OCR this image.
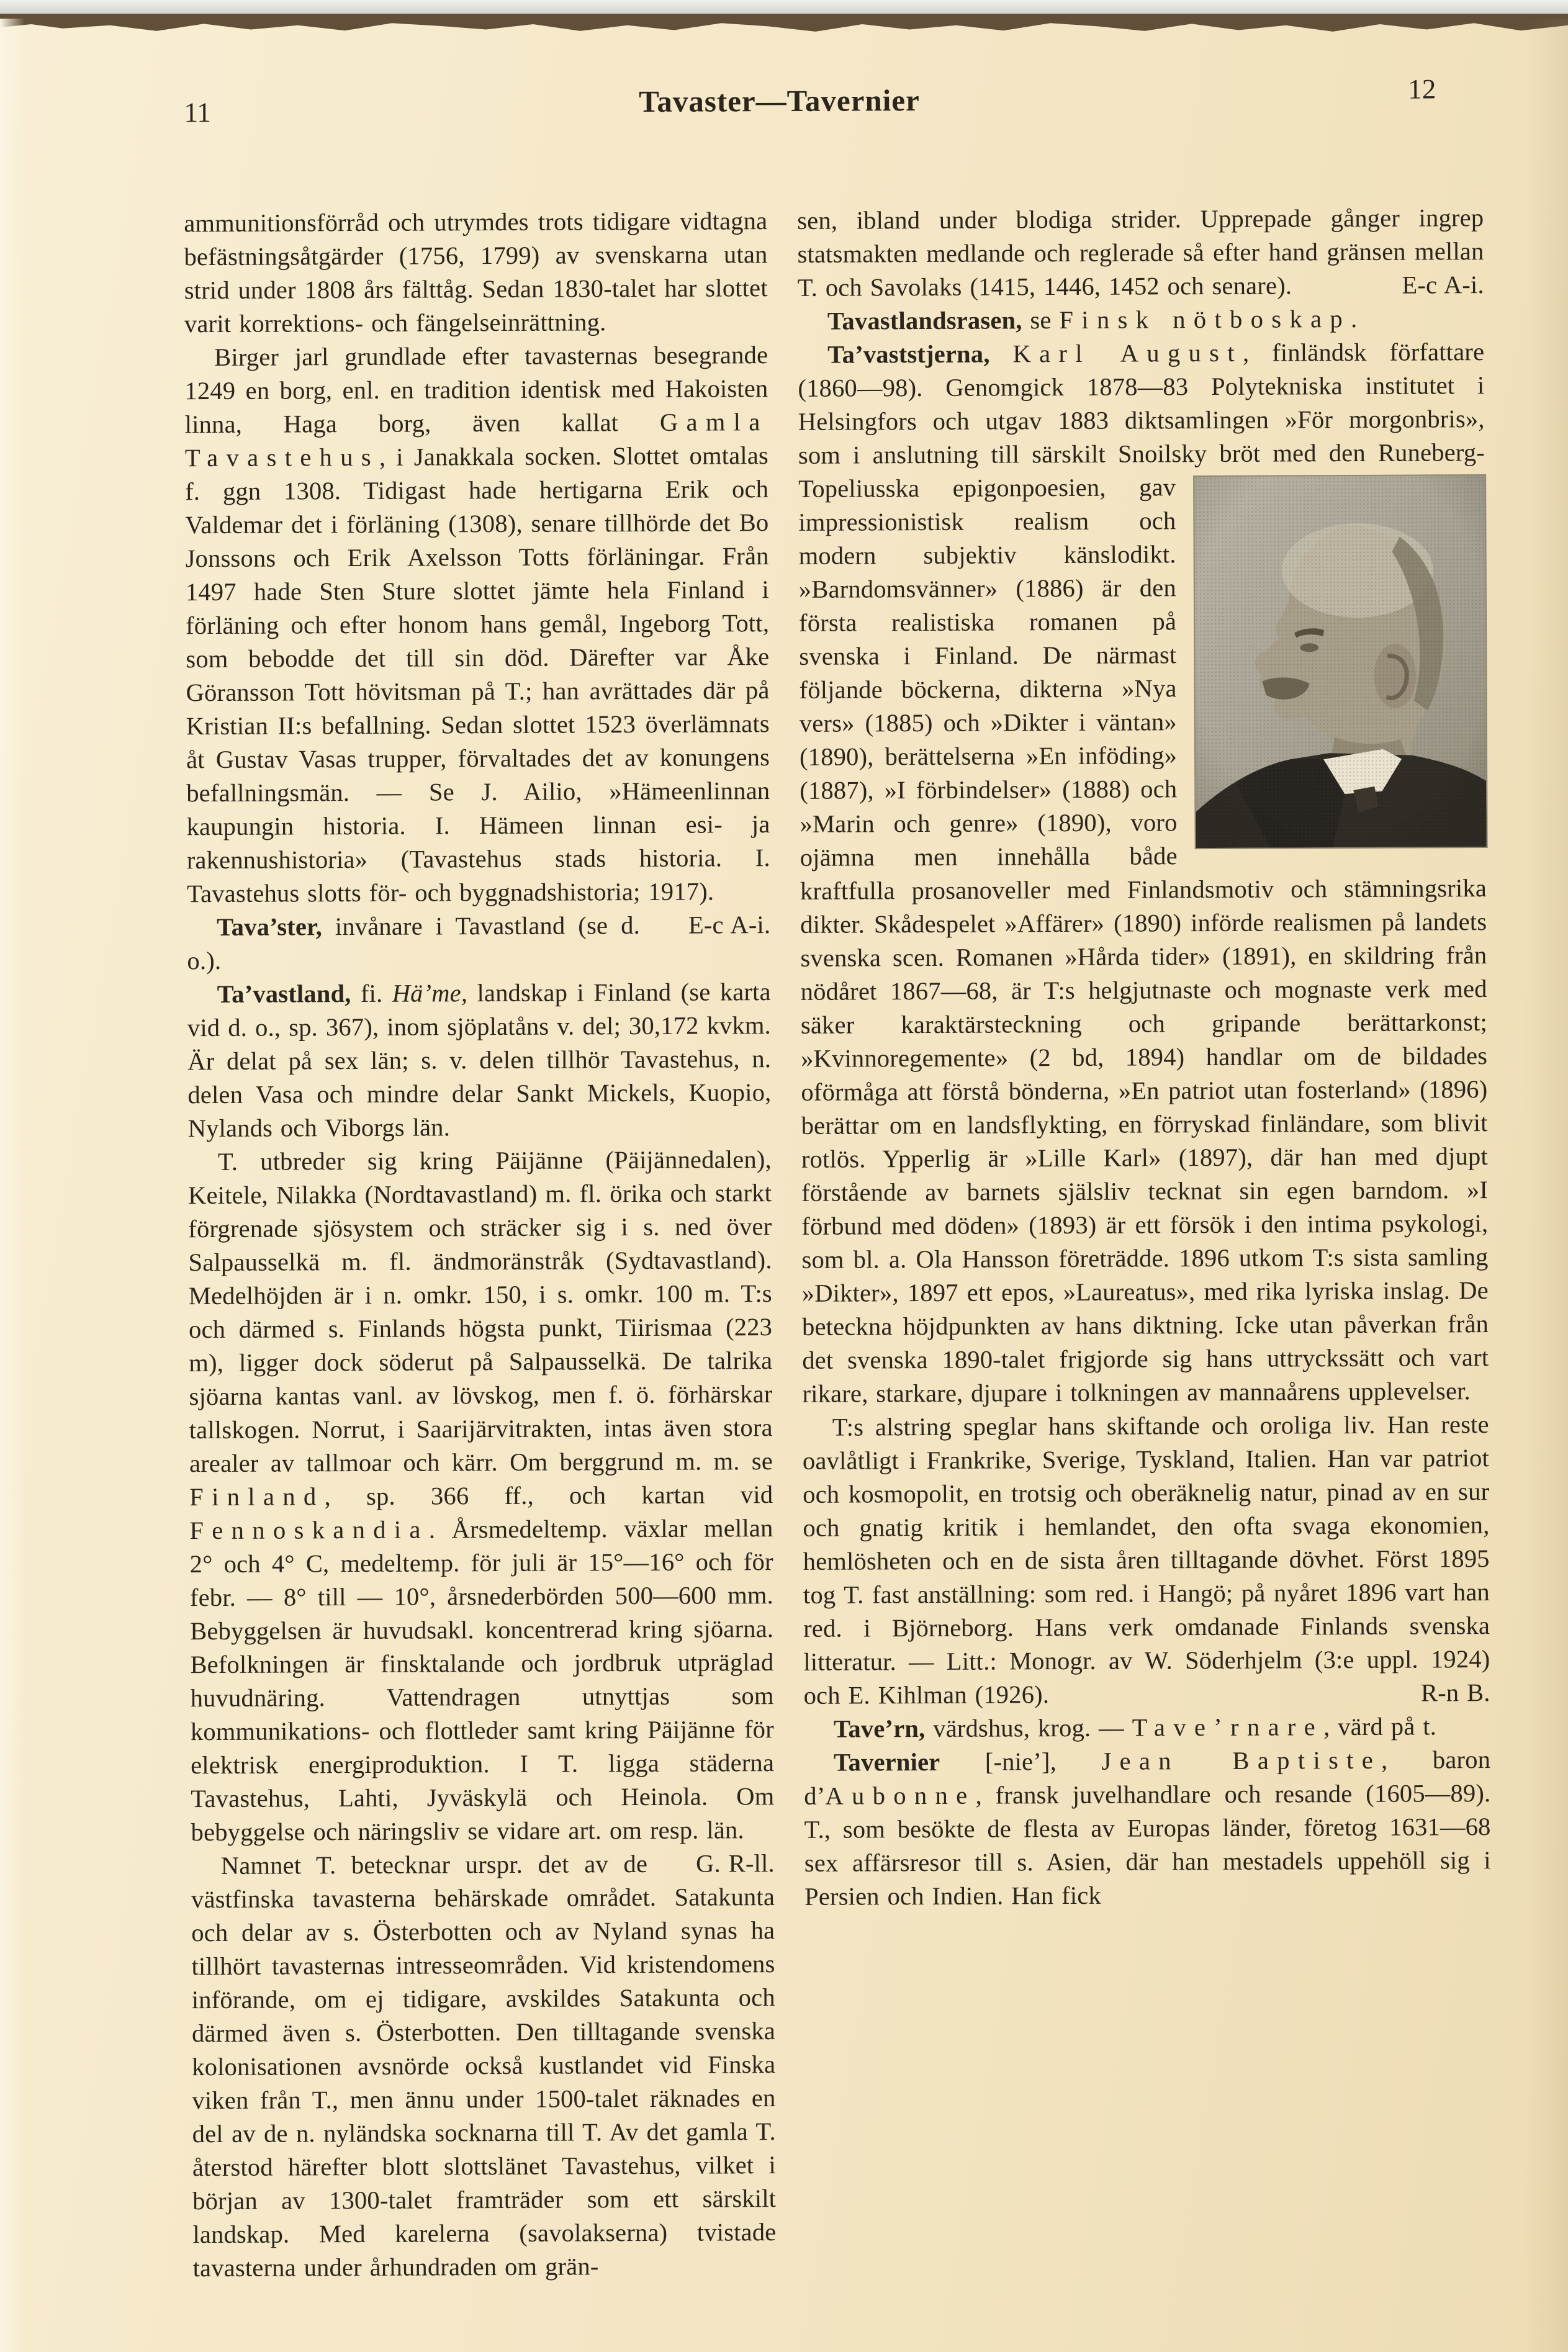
11	Tavaster—Tavernier	12

ammunitionsförråd och utrymdes trots tidigare vidtagna befästningsåtgärder (1756, 1799) av svenskarna utan strid under 1808 års fälttåg. Sedan 1830-talet har slottet varit korrektions- och fängelseinrättning.

Birger jarl grundlade efter tavasternas besegrande 1249 en borg, enl. en tradition identisk med Hakoisten linna, Haga borg, även kallat Gamla Tavastehus, i Janakkala socken. Slottet omtalas f. ggn 1308. Tidigast hade hertigarna Erik och Valdemar det i förläning (1308), senare tillhörde det Bo Jonssons och Erik Axelsson Totts förläningar. Från 1497 hade Sten Sture slottet jämte hela Finland i förläning och efter honom hans gemål, Ingeborg Tott, som bebodde det till sin död. Därefter var Åke Göransson Tott hövitsman på T.; han avrättades där på Kristian II:s befallning. Sedan slottet 1523 överlämnats åt Gustav Vasas trupper, förvaltades det av konungens befallningsmän. — Se J. Ailio, »Hämeenlinnan kaupungin historia. I. Hämeen linnan esi- ja rakennushistoria» (Tavastehus stads historia. I. Tavastehus slotts för- och byggnadshistoria; 1917).
E-c A-i.

Tava’ster, invånare i Tavastland (se d. o.).

Ta’vastland, fi. Hä’me, landskap i Finland (se karta vid d. o., sp. 367), inom sjöplatåns v. del; 30,172 kvkm. Är delat på sex län; s. v. delen tillhör Tavastehus, n. delen Vasa och mindre delar Sankt Mickels, Kuopio, Nylands och Viborgs län.

T. utbreder sig kring Päijänne (Päijännedalen), Keitele, Nilakka (Nordtavastland) m. fl. örika och starkt förgrenade sjösystem och sträcker sig i s. ned över Salpausselkä m. fl. ändmoränstråk (Sydtavastland). Medelhöjden är i n. omkr. 150, i s. omkr. 100 m. T:s och därmed s. Finlands högsta punkt, Tiirismaa (223 m), ligger dock söderut på Salpausselkä. De talrika sjöarna kantas vanl. av lövskog, men f. ö. förhärskar tallskogen. Norrut, i Saarijärvitrakten, intas även stora arealer av tallmoar och kärr. Om berggrund m. m. se Finland, sp. 366 ff., och kartan vid Fennoskandia. Årsmedeltemp. växlar mellan 2° och 4° C, medeltemp. för juli är 15°—16° och för febr. — 8° till — 10°, årsnederbörden 500—600 mm. Bebyggelsen är huvudsakl. koncentrerad kring sjöarna. Befolkningen är finsktalande och jordbruk utpräglad huvudnäring. Vattendragen utnyttjas som kommunikations- och flottleder samt kring Päijänne för elektrisk energiproduktion. I T. ligga städerna Tavastehus, Lahti, Jyväskylä och Heinola. Om bebyggelse och näringsliv se vidare art. om resp. län.
G. R-ll.

Namnet T. betecknar urspr. det av de västfinska tavasterna behärskade området. Satakunta och delar av s. Österbotten och av Nyland synas ha tillhört tavasternas intresseområden. Vid kristendomens införande, om ej tidigare, avskildes Satakunta och därmed även s. Österbotten. Den tilltagande svenska kolonisationen avsnörde också kustlandet vid Finska viken från T., men ännu under 1500-talet räknades en del av de n. nyländska socknarna till T. Av det gamla T. återstod härefter blott slottslänet Tavastehus, vilket i början av 1300-talet framträder som ett särskilt landskap. Med karelerna (savolakserna) tvistade tavasterna under århundraden om grän-

sen, ibland under blodiga strider. Upprepade gånger ingrep statsmakten medlande och reglerade så efter hand gränsen mellan T. och Savolaks (1415, 1446, 1452 och senare).	E-c A-i.

Tavastlandsrasen, se Finsk nötboskap.

Ta’vaststjerna, Karl August, finländsk författare (1860—98). Genomgick 1878—83 Polytekniska institutet i Helsingfors och utgav 1883 diktsamlingen »För morgonbris», som i anslutning till särskilt Snoilsky bröt med den Runeberg-Topeliusska epigonpoesien,
gav impressionistisk realism och modern subjektiv känslodikt. »Barndomsvänner» (1886) är den första realistiska romanen på svenska i Finland. De närmast följande böckerna, dikterna »Nya vers» (1885) och »Dikter i väntan» (1890), berättelserna »En inföding» (1887), »I förbindelser» (1888) och »Marin och genre» (1890), voro ojämna men innehålla både kraftfulla prosanoveller med Finlandsmotiv och stämningsrika dikter. Skådespelet »Affärer» (1890) införde realismen på landets svenska scen. Romanen »Hårda tider» (1891), en skildring från nödåret 1867—68, är T:s helgjutnaste och mognaste verk med säker karaktärsteckning och gripande berättarkonst; »Kvinnoregemente» (2 bd, 1894) handlar om de bildades oförmåga att förstå bönderna, »En patriot utan fosterland» (1896) berättar om en landsflykting, en förryskad finländare, som blivit rotlös. Ypperlig är »Lille Karl» (1897), där han med djupt förstående av barnets själsliv tecknat sin egen barndom. »I förbund med döden» (1893) är ett försök i den intima psykologi, som bl. a. Ola Hansson företrädde. 1896 utkom T:s sista samling »Dikter», 1897 ett epos, »Laureatus», med rika lyriska inslag. De beteckna höjdpunkten av hans diktning. Icke utan påverkan från det svenska 1890-talet frigjorde sig hans uttryckssätt och vart rikare, starkare, djupare i tolkningen av mannaårens upplevelser.

T:s alstring speglar hans skiftande och oroliga liv. Han reste oavlåtligt i Frankrike, Sverige, Tyskland, Italien. Han var patriot och kosmopolit, en trotsig och oberäknelig natur, pinad av en sur och gnatig kritik i hemlandet, den ofta svaga ekonomien, hemlösheten och en de sista åren tilltagande dövhet. Först 1895 tog T. fast anställning: som red. i Hangö; på nyåret 1896 vart han red. i Björneborg. Hans verk omdanade Finlands svenska litteratur. — Litt.: Monogr. av W. Söderhjelm (3:e uppl. 1924) och E. Kihlman (1926).	R-n B.

Tave’rn, värdshus, krog. — Tave’rnare, värd på t.

Tavernier [-nie’], Jean Baptiste, baron d’Aubonne, fransk juvelhandlare och resande (1605—89). T., som besökte de flesta av Europas länder, företog 1631—68 sex affärsresor till s. Asien, där han mestadels uppehöll sig i Persien och Indien. Han fick
